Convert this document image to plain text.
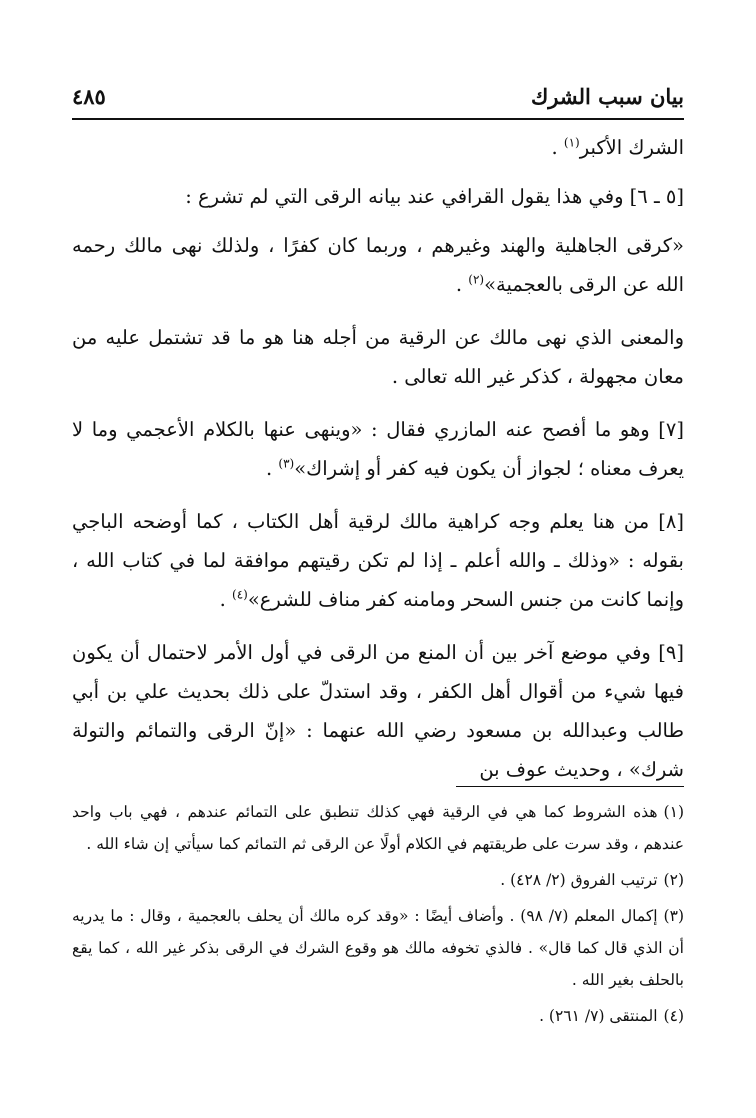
بيان سبب الشرك
٤٨٥

الشرك الأكبر$^{(١)}$ .

[٥ ـ ٦] وفي هذا يقول القرافي عند بيانه الرقى التي لم تشرع :

«كرقى الجاهلية والهند وغيرهم ، وربما كان كفرًا ، ولذلك نهى مالك رحمه الله عن الرقى بالعجمية»$^{(٢)}$ .

والمعنى الذي نهى مالك عن الرقية من أجله هنا هو ما قد تشتمل عليه من معان مجهولة ، كذكر غير الله تعالى .

[٧] وهو ما أفصح عنه المازري فقال : «وينهى عنها بالكلام الأعجمي وما لا يعرف معناه ؛ لجواز أن يكون فيه كفر أو إشراك»$^{(٣)}$ .

[٨] من هنا يعلم وجه كراهية مالك لرقية أهل الكتاب ، كما أوضحه الباجي بقوله : «وذلك ـ والله أعلم ـ إذا لم تكن رقيتهم موافقة لما في كتاب الله ، وإنما كانت من جنس السحر ومامنه كفر مناف للشرع»$^{(٤)}$ .

[٩] وفي موضع آخر بين أن المنع من الرقى في أول الأمر لاحتمال أن يكون فيها شيء من أقوال أهل الكفر ، وقد استدلّ على ذلك بحديث علي بن أبي طالب وعبدالله بن مسعود رضي الله عنهما : «إنّ الرقى والتمائم والتولة شرك» ، وحديث عوف بن

(١)هذه الشروط كما هي في الرقية فهي كذلك تنطبق على التمائم عندهم ، فهي باب واحد عندهم ، وقد سرت على طريقتهم في الكلام أولًا عن الرقى ثم التمائم كما سيأتي إن شاء الله .

(٢)ترتيب الفروق (٢/ ٤٢٨) .

(٣)إكمال المعلم (٧/ ٩٨) . وأضاف أيضًا : «وقد كره مالك أن يحلف بالعجمية ، وقال : ما يدريه أن الذي قال كما قال» . فالذي تخوفه مالك هو وقوع الشرك في الرقى بذكر غير الله ، كما يقع بالحلف بغير الله .

(٤)المنتقى (٧/ ٢٦١) .
